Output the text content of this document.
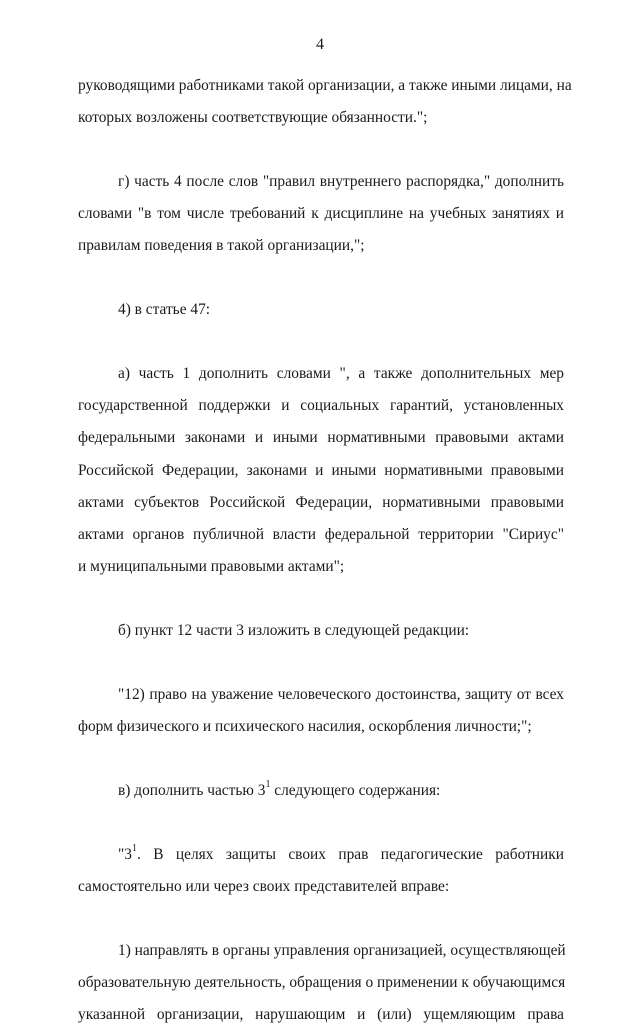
4
руководящими работниками такой организации, а также иными лицами, на
которых возложены соответствующие обязанности.";
г) часть 4 после слов "правил внутреннего распорядка," дополнить
словами "в том числе требований к дисциплине на учебных занятиях и
правилам поведения в такой организации,";
4) в статье 47:
а) часть 1 дополнить словами ", а также дополнительных мер
государственной поддержки и социальных гарантий, установленных
федеральными законами и иными нормативными правовыми актами
Российской Федерации, законами и иными нормативными правовыми
актами субъектов Российской Федерации, нормативными правовыми
актами органов публичной власти федеральной территории "Сириус"
и муниципальными правовыми актами";
б) пункт 12 части 3 изложить в следующей редакции:
"12) право на уважение человеческого достоинства, защиту от всех
форм физического и психического насилия, оскорбления личности;";
в) дополнить частью $3^1$ следующего содержания:
"$3^1$. В целях защиты своих прав педагогические работники
самостоятельно или через своих представителей вправе:
1) направлять в органы управления организацией, осуществляющей
образовательную деятельность, обращения о применении к обучающимся
указанной организации, нарушающим и (или) ущемляющим права
